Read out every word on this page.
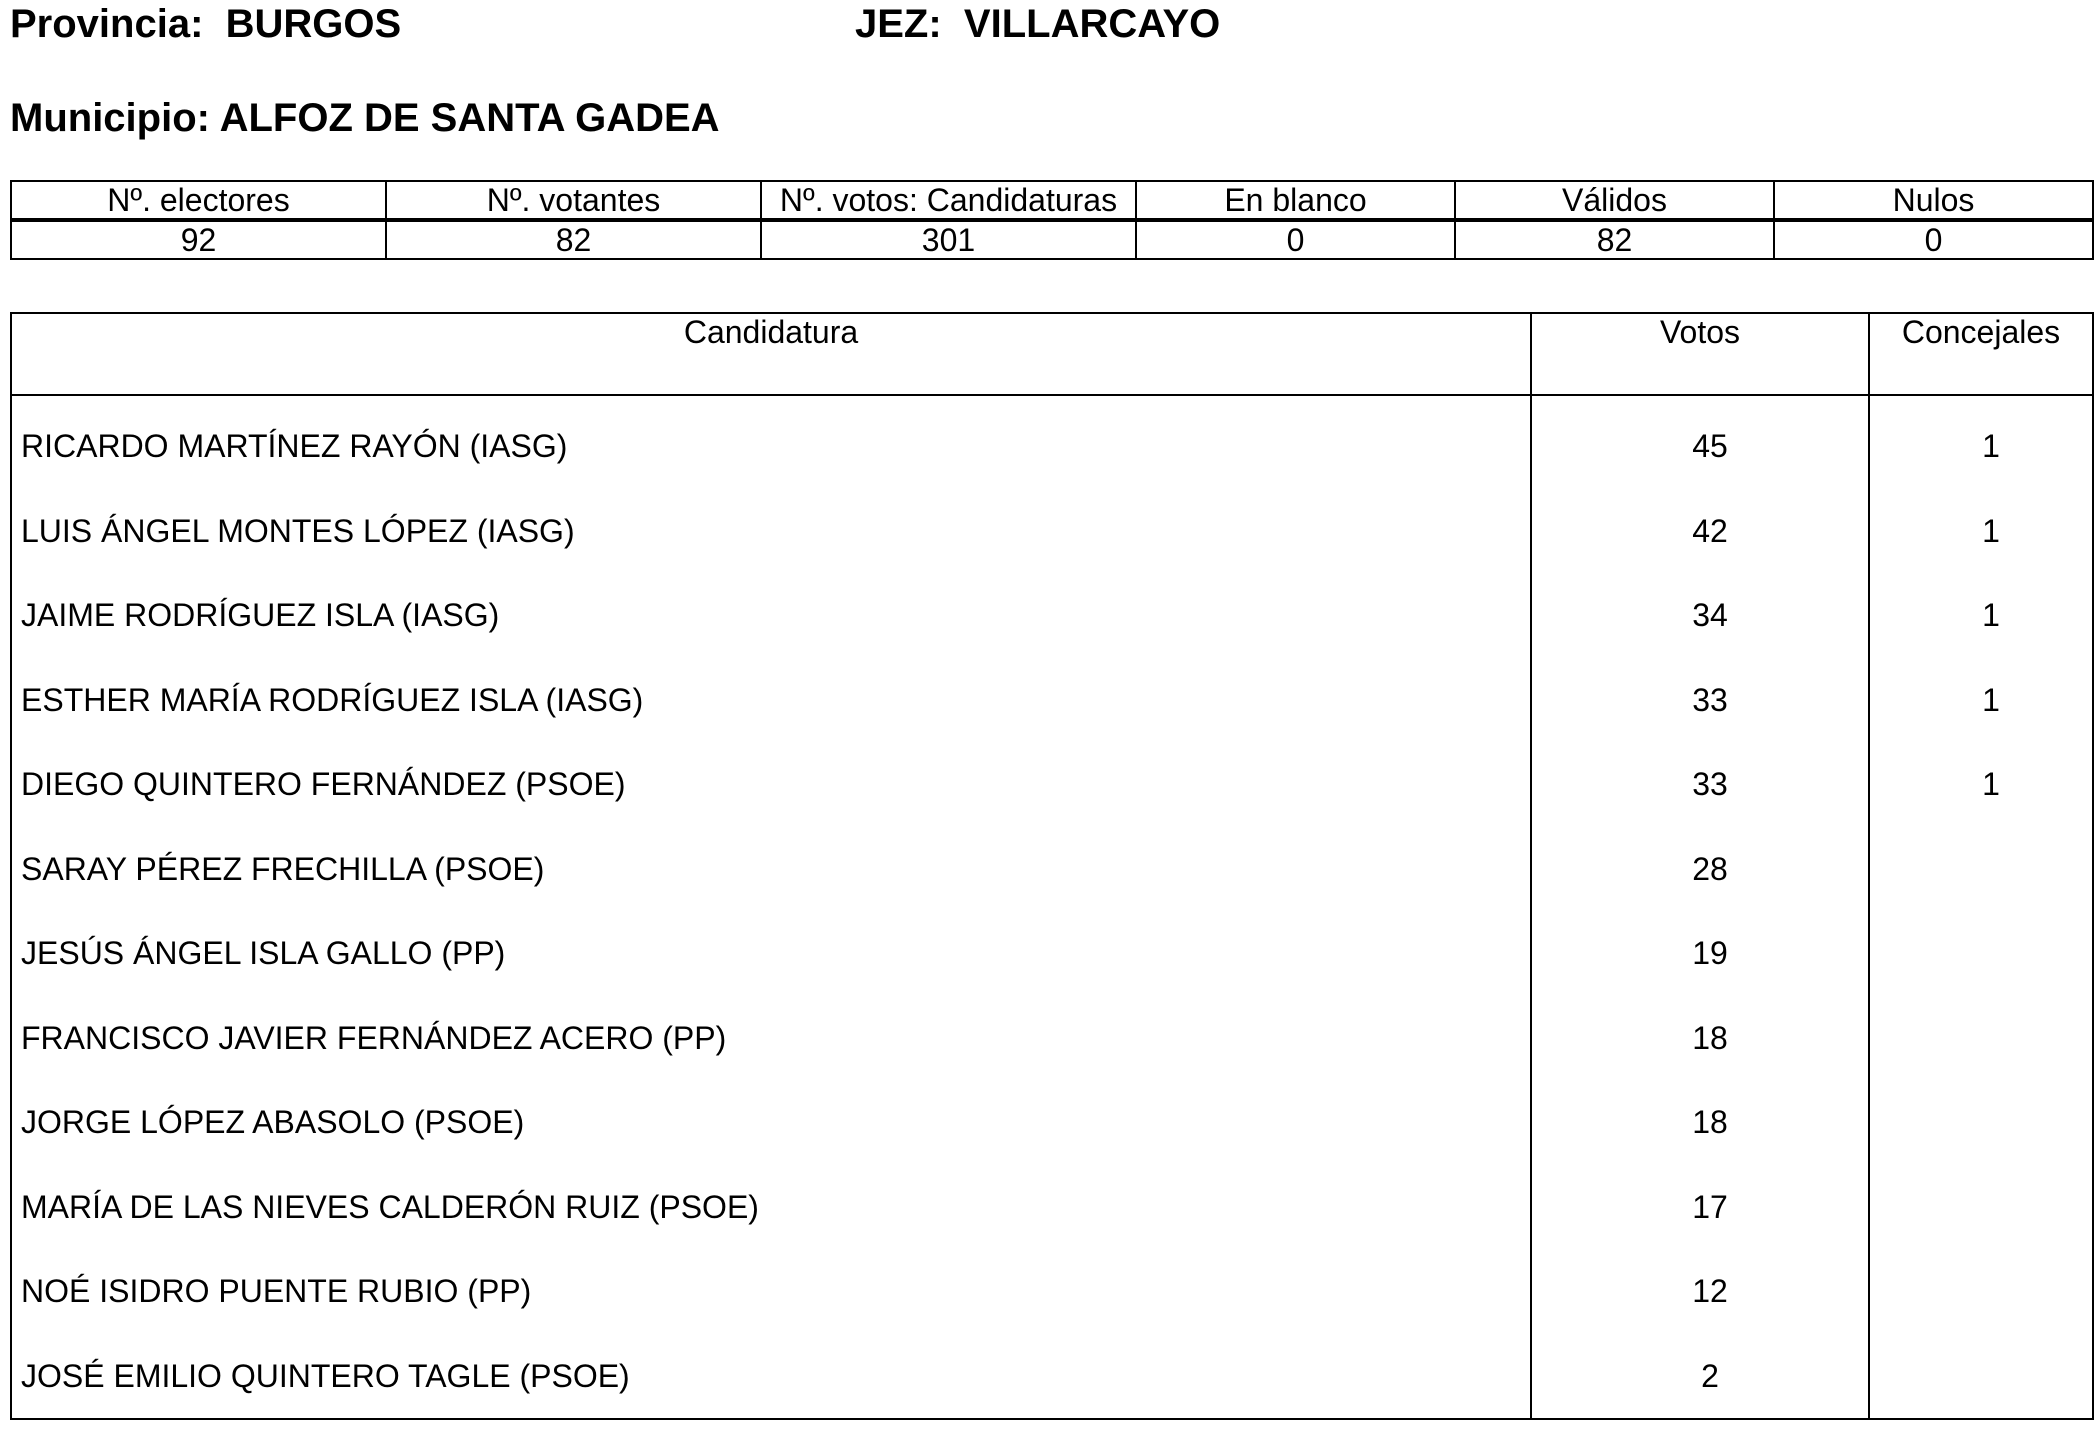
Provincia:  BURGOS	JEZ:  VILLARCAYO
Municipio: ALFOZ DE SANTA GADEA
Nº. electores	Nº. votantes	Nº. votos: Candidaturas	En blanco	Válidos	Nulos

92	82	301	0	82	0
Candidatura	Votos	Concejales
RICARDO MARTÍNEZ RAYÓN (IASG)	45	1
LUIS ÁNGEL MONTES LÓPEZ (IASG)	42	1
JAIME RODRÍGUEZ ISLA (IASG)	34	1
ESTHER MARÍA RODRÍGUEZ ISLA (IASG)	33	1
DIEGO QUINTERO FERNÁNDEZ (PSOE)	33	1
SARAY PÉREZ FRECHILLA (PSOE)	28	
JESÚS ÁNGEL ISLA GALLO (PP)	19	
FRANCISCO JAVIER FERNÁNDEZ ACERO (PP)	18	
JORGE LÓPEZ ABASOLO (PSOE)	18	
MARÍA DE LAS NIEVES CALDERÓN RUIZ (PSOE)	17	
NOÉ ISIDRO PUENTE RUBIO (PP)	12	
JOSÉ EMILIO QUINTERO TAGLE (PSOE)	2	
